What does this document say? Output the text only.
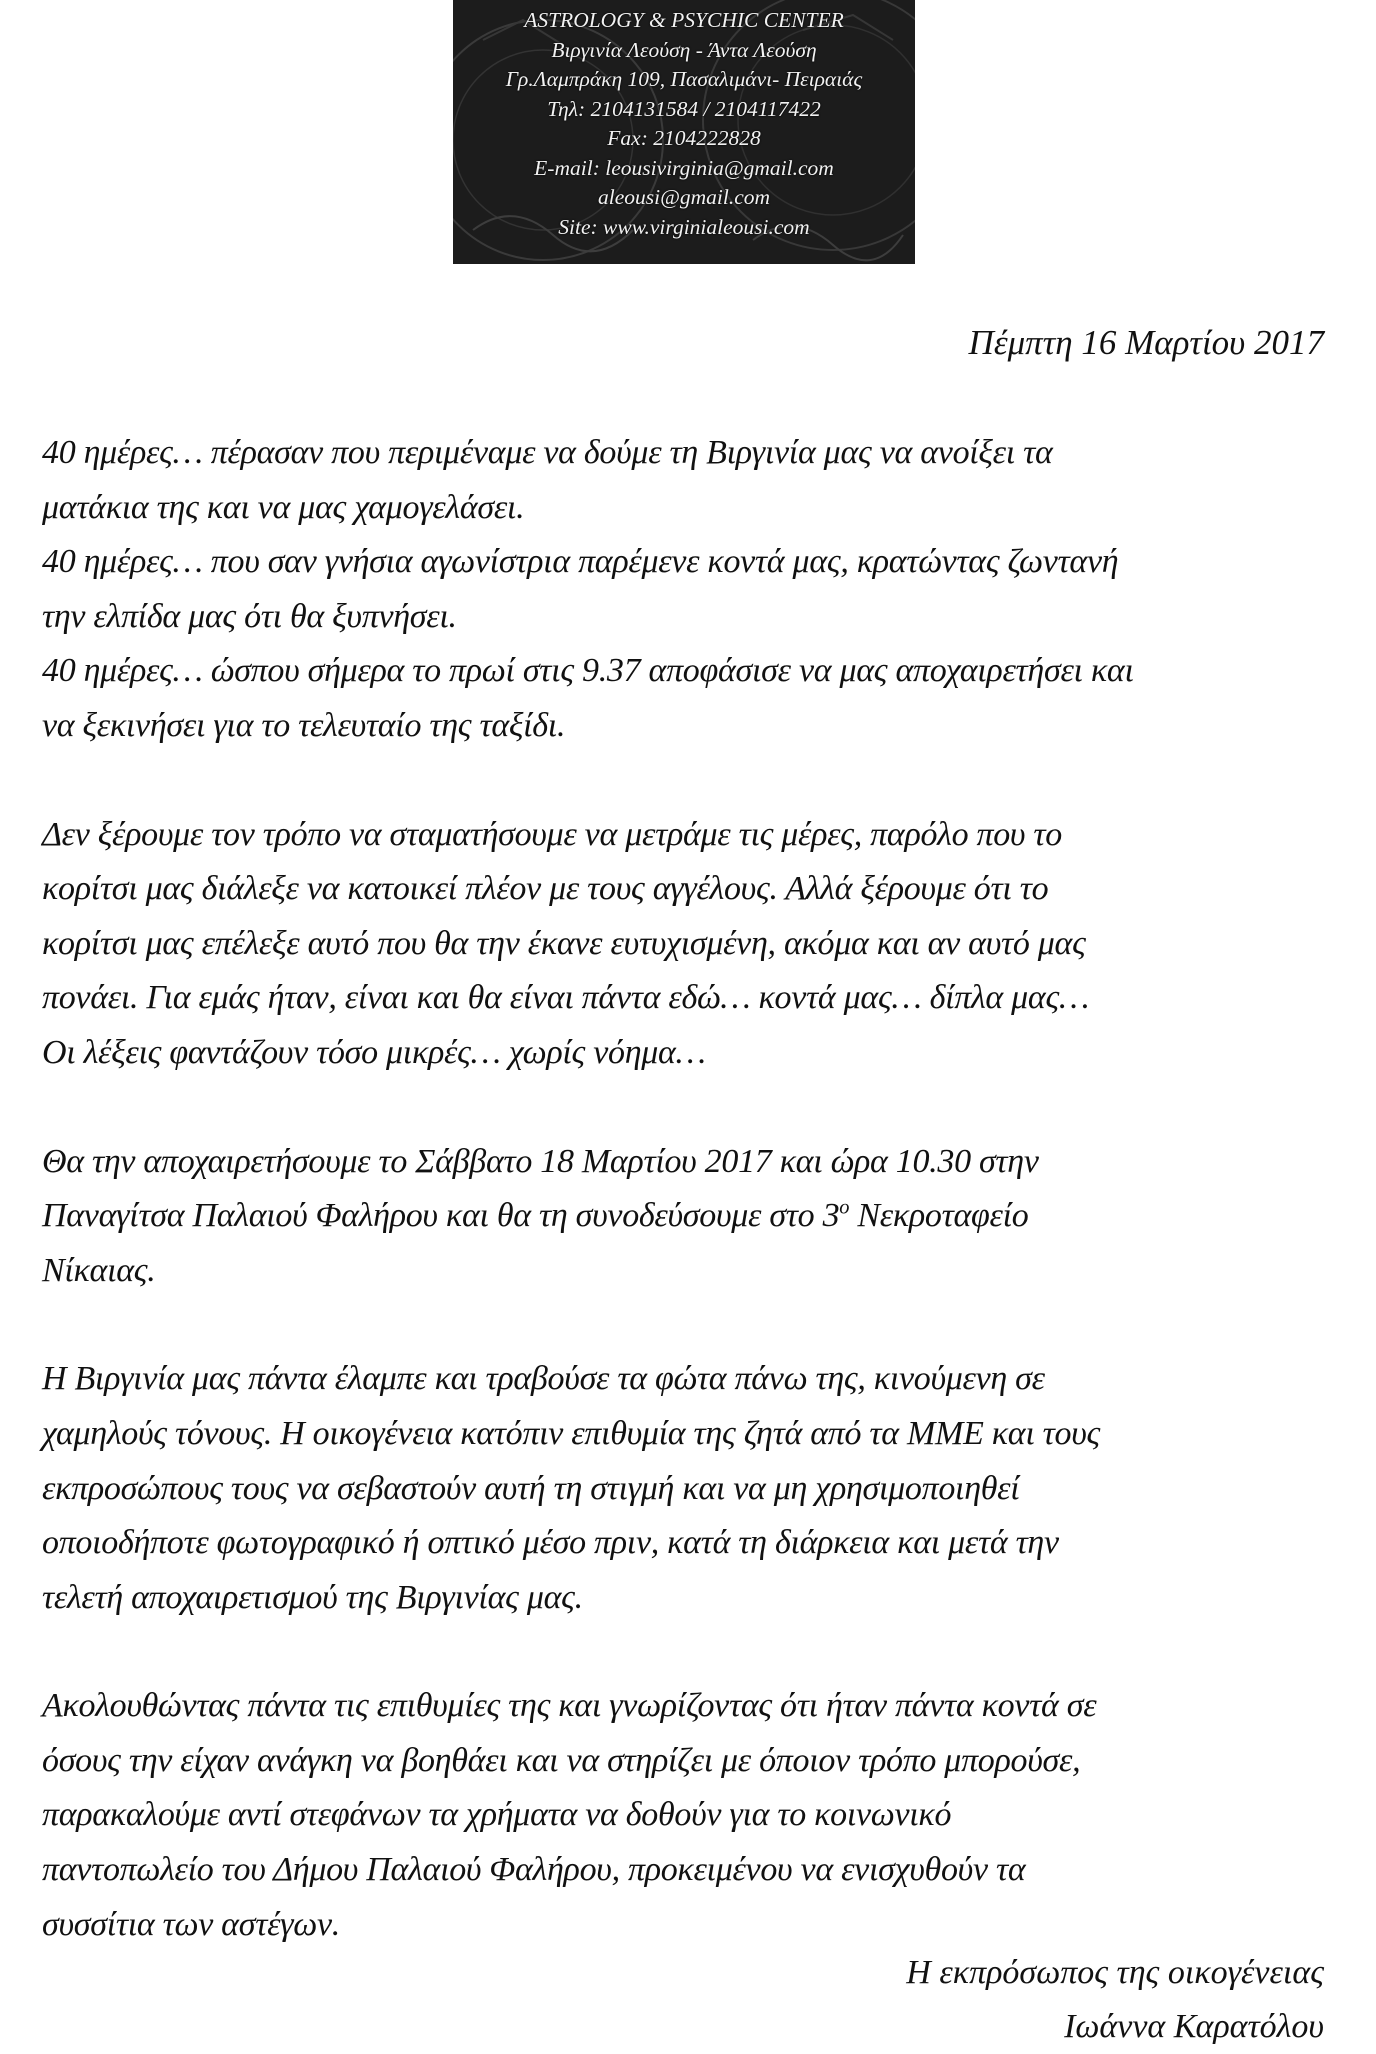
ASTROLOGY & PSYCHIC CENTER
Βιργινία Λεούση - Άντα Λεούση
Γρ.Λαμπράκη 109, Πασαλιμάνι- Πειραιάς
Τηλ: 2104131584 / 2104117422
Fax: 2104222828
E-mail: leousivirginia@gmail.com
aleousi@gmail.com
Site: www.virginialeousi.com
Πέμπτη 16 Μαρτίου 2017
40 ημέρες… πέρασαν που περιμέναμε να δούμε τη Βιργινία μας να ανοίξει τα
ματάκια της και να μας χαμογελάσει.
40 ημέρες… που σαν γνήσια αγωνίστρια παρέμενε κοντά μας, κρατώντας ζωντανή
την ελπίδα μας ότι θα ξυπνήσει.
40 ημέρες… ώσπου σήμερα το πρωί στις 9.37 αποφάσισε να μας αποχαιρετήσει και
να ξεκινήσει για το τελευταίο της ταξίδι.
Δεν ξέρουμε τον τρόπο να σταματήσουμε να μετράμε τις μέρες, παρόλο που το
κορίτσι μας διάλεξε να κατοικεί πλέον με τους αγγέλους. Αλλά ξέρουμε ότι το
κορίτσι μας επέλεξε αυτό που θα την έκανε ευτυχισμένη, ακόμα και αν αυτό μας
πονάει. Για εμάς ήταν, είναι και θα είναι πάντα εδώ… κοντά μας… δίπλα μας…
Οι λέξεις φαντάζουν τόσο μικρές… χωρίς νόημα…
Θα την αποχαιρετήσουμε το Σάββατο 18 Μαρτίου 2017 και ώρα 10.30 στην
Παναγίτσα Παλαιού Φαλήρου και θα τη συνοδεύσουμε στο $3^o$ Νεκροταφείο
Νίκαιας.
Η Βιργινία μας πάντα έλαμπε και τραβούσε τα φώτα πάνω της, κινούμενη σε
χαμηλούς τόνους. Η οικογένεια κατόπιν επιθυμία της ζητά από τα ΜΜΕ και τους
εκπροσώπους τους να σεβαστούν αυτή τη στιγμή και να μη χρησιμοποιηθεί
οποιοδήποτε φωτογραφικό ή οπτικό μέσο πριν, κατά τη διάρκεια και μετά την
τελετή αποχαιρετισμού της Βιργινίας μας.
Ακολουθώντας πάντα τις επιθυμίες της και γνωρίζοντας ότι ήταν πάντα κοντά σε
όσους την είχαν ανάγκη να βοηθάει και να στηρίζει με όποιον τρόπο μπορούσε,
παρακαλούμε αντί στεφάνων τα χρήματα να δοθούν για το κοινωνικό
παντοπωλείο του Δήμου Παλαιού Φαλήρου, προκειμένου να ενισχυθούν τα
συσσίτια των αστέγων.
Η εκπρόσωπος της οικογένειας
Ιωάννα Καρατόλου
